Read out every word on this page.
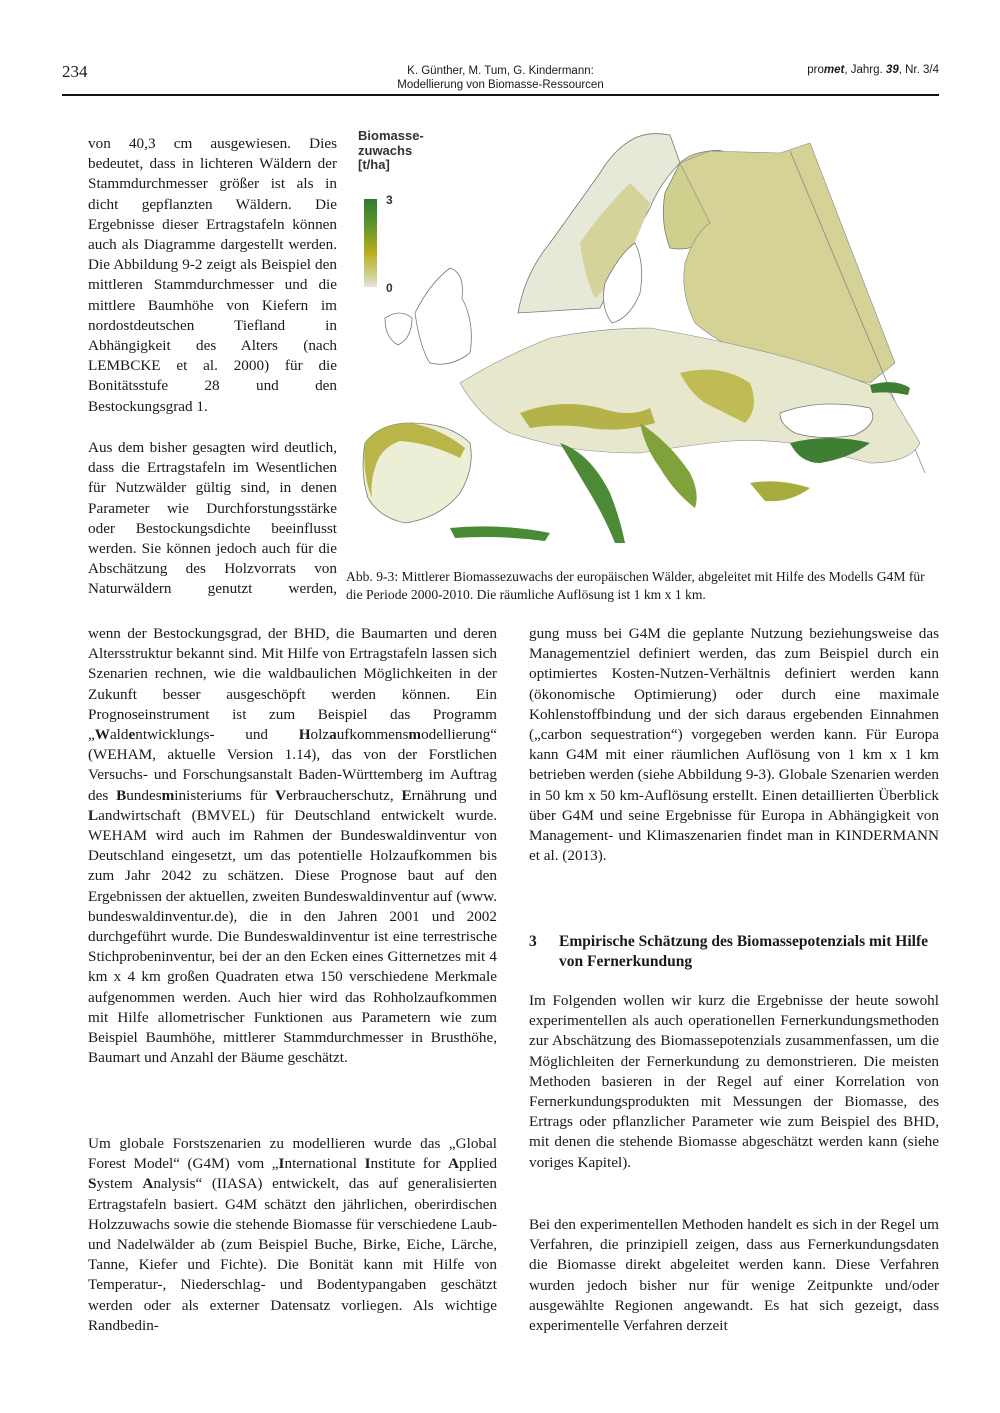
234	K. Günther, M. Tum, G. Kindermann:
Modellierung von Biomasse-Ressourcen
promet, Jahrg. 39, Nr. 3/4
von 40,3 cm ausgewiesen. Dies bedeutet, dass in lichteren Wäldern der Stammdurchmesser größer ist als in dicht gepflanzten Wäldern. Die Ergebnisse dieser Ertragstafeln können auch als Diagramme dargestellt werden. Die Abbildung 9-2 zeigt als Beispiel den mittleren Stammdurchmesser und die mittlere Baumhöhe von Kiefern im nordostdeutschen Tiefland in Abhängigkeit des Alters (nach LEMBCKE et al. 2000) für die Bonitätsstufe 28 und den Bestockungsgrad 1.
Aus dem bisher gesagten wird deutlich, dass die Ertragstafeln im Wesentlichen für Nutzwälder gültig sind, in denen Parameter wie Durchforstungsstärke oder Bestockungsdichte beeinflusst werden. Sie können jedoch auch für die Abschätzung des Holzvorrats von Naturwäldern genutzt werden,
Biomasse-
zuwachs
[t/ha]
3
0
Abb. 9-3: Mittlerer Biomassezuwachs der europäischen Wälder, abgeleitet mit Hilfe des Modells G4M für die Periode 2000-2010. Die räumliche Auflösung ist 1 km x 1 km.
wenn der Bestockungsgrad, der BHD, die Baumarten und deren Altersstruktur bekannt sind. Mit Hilfe von Ertragstafeln lassen sich Szenarien rechnen, wie die waldbaulichen Möglichkeiten in der Zukunft besser ausgeschöpft werden können. Ein Prognoseinstrument ist zum Beispiel das Programm „Waldentwicklungs- und Holzaufkommensmodellierung“ (WEHAM, aktuelle Version 1.14), das von der Forstlichen Versuchs- und Forschungsanstalt Baden-Württemberg im Auftrag des Bundesministeriums für Verbraucherschutz, Ernährung und Landwirtschaft (BMVEL) für Deutschland entwickelt wurde. WEHAM wird auch im Rahmen der Bundeswaldinventur von Deutschland eingesetzt, um das potentielle Holzaufkommen bis zum Jahr 2042 zu schätzen. Diese Prognose baut auf den Ergebnissen der aktuellen, zweiten Bundeswaldinventur auf (www. bundeswaldinventur.de), die in den Jahren 2001 und 2002 durchgeführt wurde. Die Bundeswaldinventur ist eine terrestrische Stichprobeninventur, bei der an den Ecken eines Gitternetzes mit 4 km x 4 km großen Quadraten etwa 150 verschiedene Merkmale aufgenommen werden. Auch hier wird das Rohholzaufkommen mit Hilfe allometrischer Funktionen aus Parametern wie zum Beispiel Baumhöhe, mittlerer Stammdurchmesser in Brusthöhe, Baumart und Anzahl der Bäume geschätzt.
Um globale Forstszenarien zu modellieren wurde das „Global Forest Model“ (G4M) vom „International Institute for Applied System Analysis“ (IIASA) entwickelt, das auf generalisierten Ertragstafeln basiert. G4M schätzt den jährlichen, oberirdischen Holzzuwachs sowie die stehende Biomasse für verschiedene Laub- und Nadelwälder ab (zum Beispiel Buche, Birke, Eiche, Lärche, Tanne, Kiefer und Fichte). Die Bonität kann mit Hilfe von Temperatur-, Niederschlag- und Bodentypangaben geschätzt werden oder als externer Datensatz vorliegen. Als wichtige Randbedin-
gung muss bei G4M die geplante Nutzung beziehungsweise das Managementziel definiert werden, das zum Beispiel durch ein optimiertes Kosten-Nutzen-Verhältnis definiert werden kann (ökonomische Optimierung) oder durch eine maximale Kohlenstoffbindung und der sich daraus ergebenden Einnahmen („carbon sequestration“) vorgegeben werden kann. Für Europa kann G4M mit einer räumlichen Auflösung von 1 km x 1 km betrieben werden (siehe Abbildung 9-3). Globale Szenarien werden in 50 km x 50 km-Auflösung erstellt. Einen detaillierten Überblick über G4M und seine Ergebnisse für Europa in Abhängigkeit von Management- und Klimaszenarien findet man in KINDERMANN et al. (2013).
3 Empirische Schätzung des Biomassepotenzials mit Hilfe von Fernerkundung
Im Folgenden wollen wir kurz die Ergebnisse der heute sowohl experimentellen als auch operationellen Fernerkundungsmethoden zur Abschätzung des Biomassepotenzials zusammenfassen, um die Möglichleiten der Fernerkundung zu demonstrieren. Die meisten Methoden basieren in der Regel auf einer Korrelation von Fernerkundungsprodukten mit Messungen der Biomasse, des Ertrags oder pflanzlicher Parameter wie zum Beispiel des BHD, mit denen die stehende Biomasse abgeschätzt werden kann (siehe voriges Kapitel).
Bei den experimentellen Methoden handelt es sich in der Regel um Verfahren, die prinzipiell zeigen, dass aus Fernerkundungsdaten die Biomasse direkt abgeleitet werden kann. Diese Verfahren wurden jedoch bisher nur für wenige Zeitpunkte und/oder ausgewählte Regionen angewandt. Es hat sich gezeigt, dass experimentelle Verfahren derzeit
